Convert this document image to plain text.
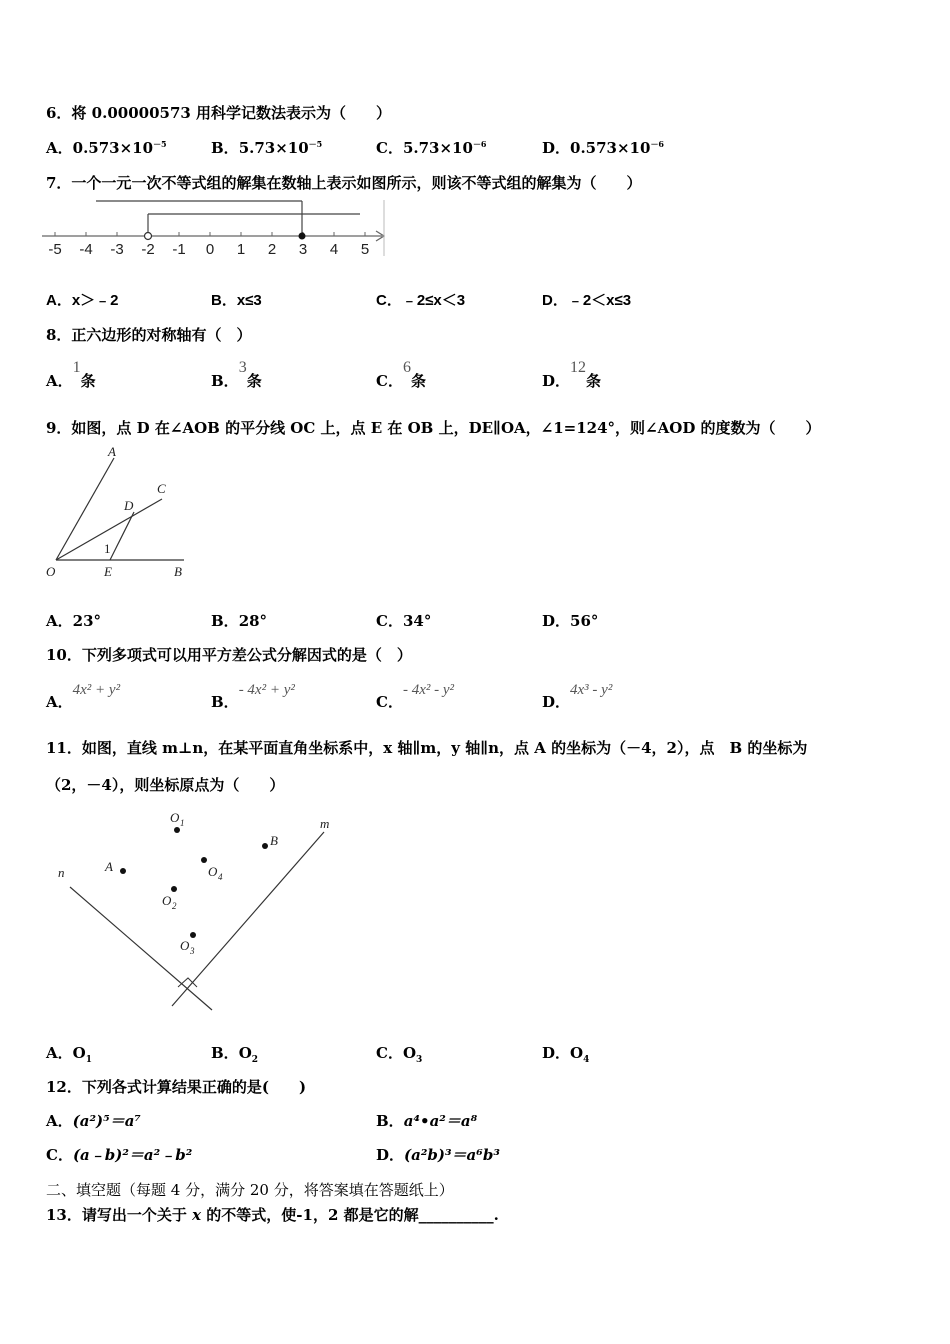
6．将 0.00000573 用科学记数法表示为（　　）
A．$0.573\times 10^{-5}$	B．$5.73\times 10^{-5}$	C．$5.73\times 10^{-6}$	D．$0.573\times 10^{-6}$
7．一个一元一次不等式组的解集在数轴上表示如图所示，则该不等式组的解集为（　　）
-5 -4 -3 -2 -1 0 1 2 3 4 5
A．x＞﹣2	B．x≤3	C．﹣2≤x＜3	D．﹣2＜x≤3
8．正六边形的对称轴有（　）
A．1条	B．3条	C．6条	D．12条
9．如图，点 D 在∠AOB 的平分线 OC 上，点 E 在 OB 上，DE∥OA，∠1=124°，则∠AOD 的度数为（　　）
A
C
D
1
O	E	B
A．23°	B．28°	C．34°	D．56°
10．下列多项式可以用平方差公式分解因式的是（　）
A．4x² + y²
B．- 4x² + y²
C．- 4x² - y²
D．4x³ - y²
11．如图，直线 m⊥n，在某平面直角坐标系中，x 轴∥m，y 轴∥n，点 A 的坐标为（－4，2），点　B 的坐标为
（2，－4），则坐标原点为（　　）
m
n	A
B
O 1
O 4
O 2
O 3
A．$O_1$	B．$O_2$	C．$O_3$	D．$O_4$
12．下列各式计算结果正确的是(　　)
A．(a²)⁵＝a⁷	B．a⁴•a²＝a⁸
C．(a﹣b)²＝a²﹣b²	D．(a²b)³＝a⁶b³
二、填空题（每题 4 分，满分 20 分，将答案填在答题纸上）
13．请写出一个关于 x 的不等式，使-1，2 都是它的解__________.
